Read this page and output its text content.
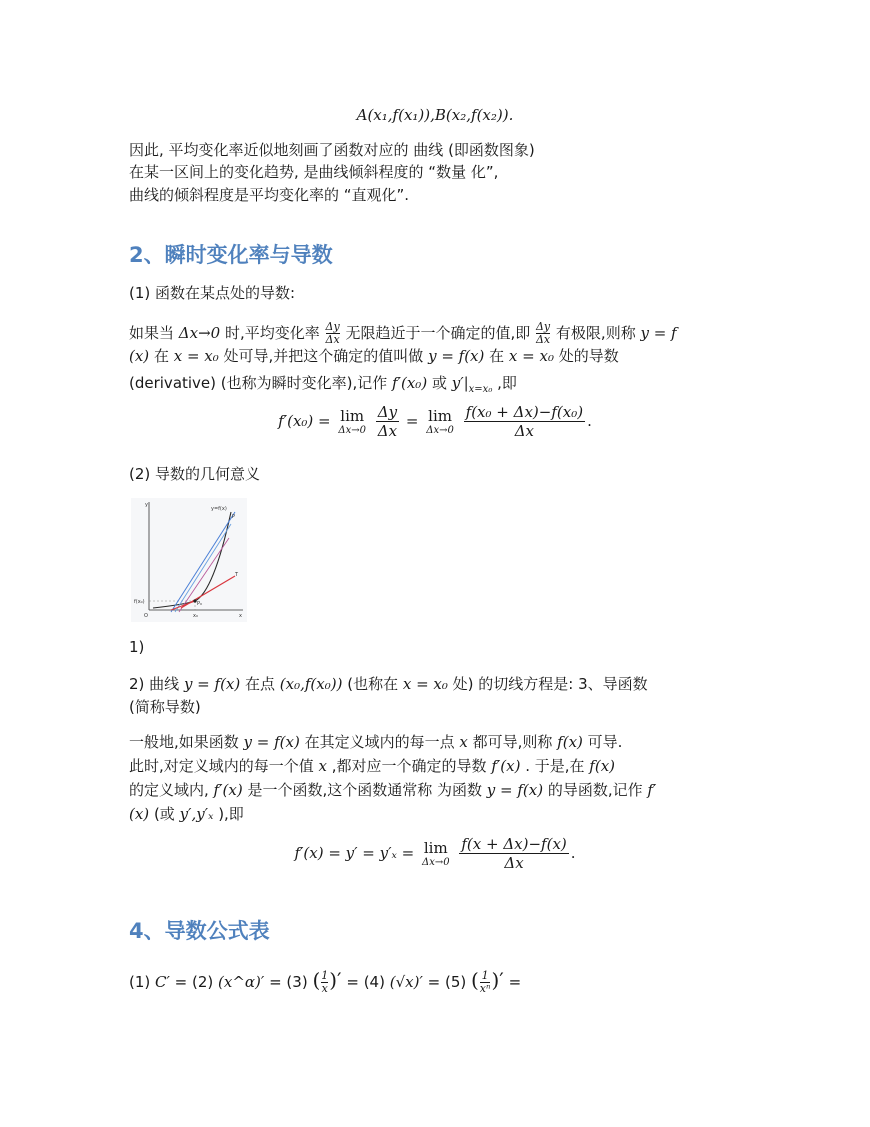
A(x₁,f(x₁)),B(x₂,f(x₂)).
因此, 平均变化率近似地刻画了函数对应的 曲线 (即函数图象)
在某一区间上的变化趋势, 是曲线倾斜程度的 “数量 化”,
曲线的倾斜程度是平均变化率的 “直观化”.
2、瞬时变化率与导数
(1) 函数在某点处的导数:
如果当 Δx→0 时,平均变化率 $\frac{\Delta y}{\Delta x}$ 无限趋近于一个确定的值,即 $\frac{\Delta y}{\Delta x}$ 有极限,则称 y = f
(x) 在 x = x₀ 处可导,并把这个确定的值叫做 y = f(x) 在 x = x₀ 处的导数
(derivative) (也称为瞬时变化率),记作 f′(x₀) 或 $y'|_{x=x_0}$ ,即
f′(x₀) = lim
Δx→0
$\frac{\Delta y}{\Delta x} = \lim$
Δx→0
$\frac{\text{f(x₀ + Δx)−f(x₀)}}{\Delta x}$ .
(2) 导数的几何意义
y=f(x)
P
T
f(x₀)	P₀
O	x₀	x
y
1)
2) 曲线 y = f(x) 在点 (x₀,f(x₀)) (也称在 x = x₀ 处) 的切线方程是: 3、导函数
(简称导数)
一般地,如果函数 y = f(x) 在其定义域内的每一点 x 都可导,则称 f(x) 可导.
此时,对定义域内的每一个值 x ,都对应一个确定的导数 f′(x) . 于是,在 f(x)
的定义域内, f′(x) 是一个函数,这个函数通常称 为函数 y = f(x) 的导函数,记作 f′
(x) (或 y′,y′ₓ ),即
f′(x) = y′ = y′ₓ = lim
Δx→0
$\frac{f(x + \Delta x)-f(x)}{\Delta x}$ .
4、导数公式表
(1) C′ = (2) (x^α)′ = (3) ( $\frac{1}{x}$ )′ = (4) (√x)′ = (5) ( $\frac{1}{\text{xⁿ}}$ )′ =
